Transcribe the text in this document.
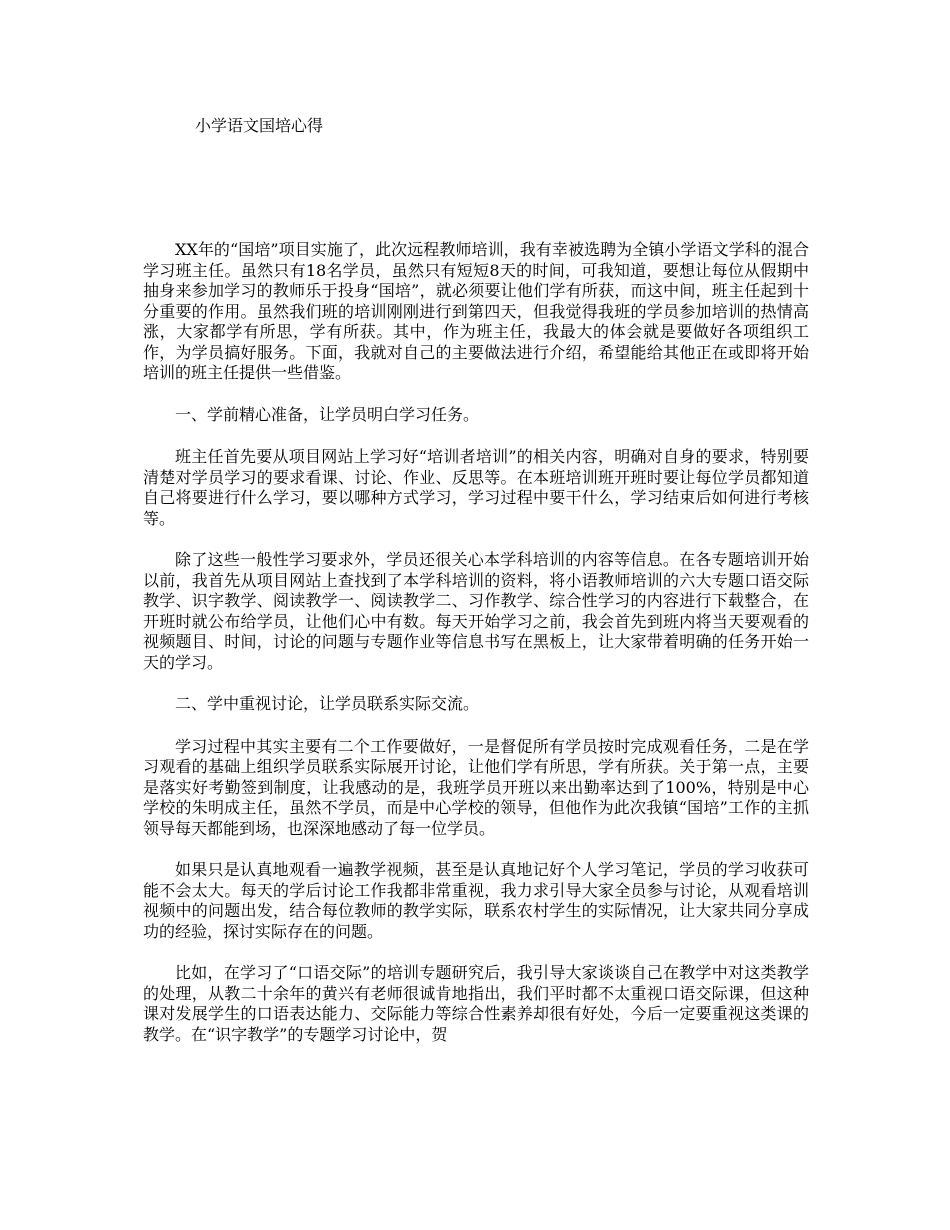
小学语文国培心得

XX年的“国培”项目实施了，此次远程教师培训，我有幸被选聘为全镇小学语文学科的混合学习班主任。虽然只有18名学员，虽然只有短短8天的时间，可我知道，要想让每位从假期中抽身来参加学习的教师乐于投身“国培”，就必须要让他们学有所获，而这中间，班主任起到十分重要的作用。虽然我们班的培训刚刚进行到第四天，但我觉得我班的学员参加培训的热情高涨，大家都学有所思，学有所获。其中，作为班主任，我最大的体会就是要做好各项组织工作，为学员搞好服务。下面，我就对自己的主要做法进行介绍，希望能给其他正在或即将开始培训的班主任提供一些借鉴。

一、学前精心准备，让学员明白学习任务。

班主任首先要从项目网站上学习好“培训者培训”的相关内容，明确对自身的要求，特别要清楚对学员学习的要求看课、讨论、作业、反思等。在本班培训班开班时要让每位学员都知道自己将要进行什么学习，要以哪种方式学习，学习过程中要干什么，学习结束后如何进行考核等。

除了这些一般性学习要求外，学员还很关心本学科培训的内容等信息。在各专题培训开始以前，我首先从项目网站上查找到了本学科培训的资料，将小语教师培训的六大专题口语交际教学、识字教学、阅读教学一、阅读教学二、习作教学、综合性学习的内容进行下载整合，在开班时就公布给学员，让他们心中有数。每天开始学习之前，我会首先到班内将当天要观看的视频题目、时间，讨论的问题与专题作业等信息书写在黑板上，让大家带着明确的任务开始一天的学习。

二、学中重视讨论，让学员联系实际交流。

学习过程中其实主要有二个工作要做好，一是督促所有学员按时完成观看任务，二是在学习观看的基础上组织学员联系实际展开讨论，让他们学有所思，学有所获。关于第一点，主要是落实好考勤签到制度，让我感动的是，我班学员开班以来出勤率达到了100%，特别是中心学校的朱明成主任，虽然不学员，而是中心学校的领导，但他作为此次我镇“国培”工作的主抓领导每天都能到场，也深深地感动了每一位学员。

如果只是认真地观看一遍教学视频，甚至是认真地记好个人学习笔记，学员的学习收获可能不会太大。每天的学后讨论工作我都非常重视，我力求引导大家全员参与讨论，从观看培训视频中的问题出发，结合每位教师的教学实际，联系农村学生的实际情况，让大家共同分享成功的经验，探讨实际存在的问题。

比如，在学习了“口语交际”的培训专题研究后，我引导大家谈谈自己在教学中对这类教学的处理，从教二十余年的黄兴有老师很诚肯地指出，我们平时都不太重视口语交际课，但这种课对发展学生的口语表达能力、交际能力等综合性素养却很有好处，今后一定要重视这类课的教学。在“识字教学”的专题学习讨论中，贺
